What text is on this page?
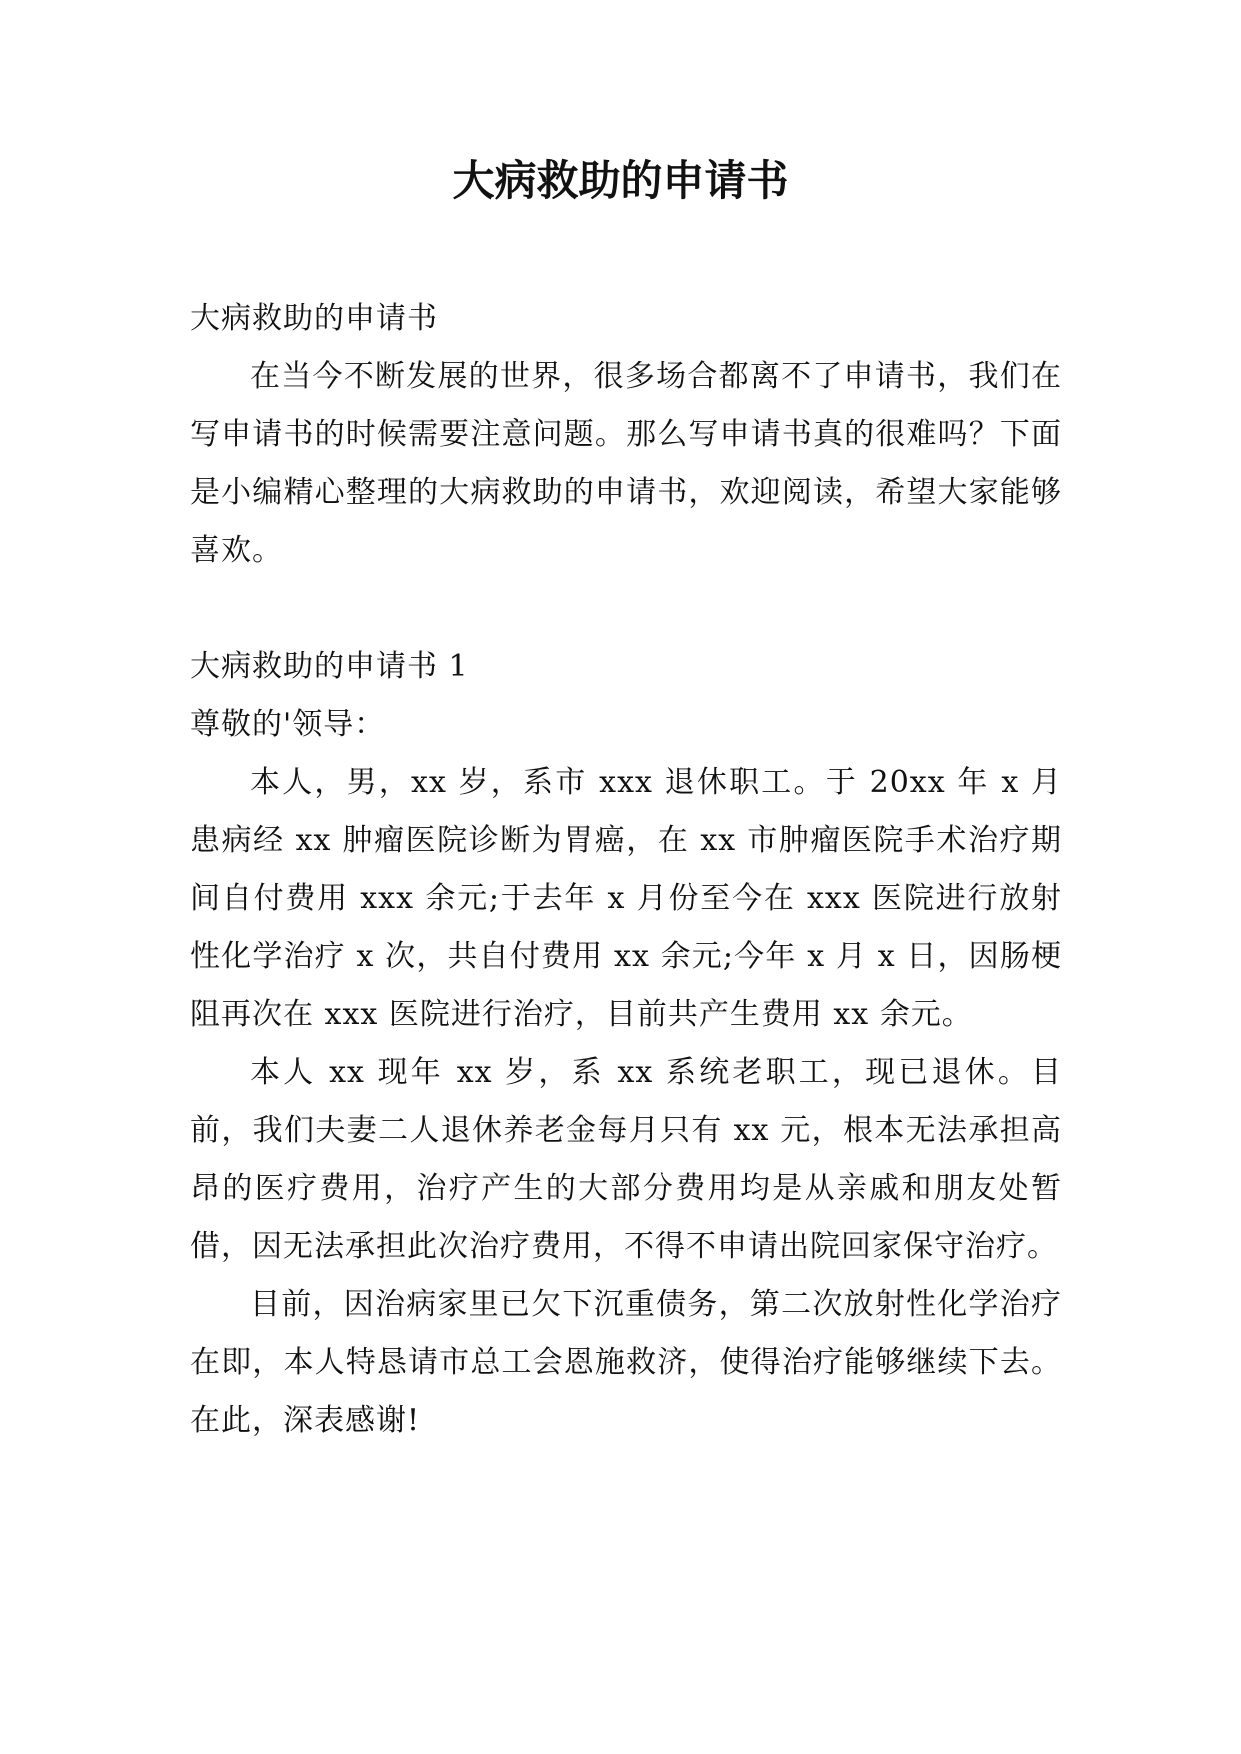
大病救助的申请书

大病救助的申请书

在当今不断发展的世界，很多场合都离不了申请书，我们在写申请书的时候需要注意问题。那么写申请书真的很难吗？下面是小编精心整理的大病救助的申请书，欢迎阅读，希望大家能够喜欢。

大病救助的申请书 1

尊敬的'领导：

本人，男，xx 岁，系市 xxx 退休职工。于 20xx 年 x 月患病经 xx 肿瘤医院诊断为胃癌，在 xx 市肿瘤医院手术治疗期间自付费用 xxx 余元;于去年 x 月份至今在 xxx 医院进行放射性化学治疗 x 次，共自付费用 xx 余元;今年 x 月 x 日，因肠梗阻再次在 xxx 医院进行治疗，目前共产生费用 xx 余元。

本人 xx 现年 xx 岁，系 xx 系统老职工，现已退休。目前，我们夫妻二人退休养老金每月只有 xx 元，根本无法承担高昂的医疗费用，治疗产生的大部分费用均是从亲戚和朋友处暂借，因无法承担此次治疗费用，不得不申请出院回家保守治疗。

目前，因治病家里已欠下沉重债务，第二次放射性化学治疗在即，本人特恳请市总工会恩施救济，使得治疗能够继续下去。在此，深表感谢!
